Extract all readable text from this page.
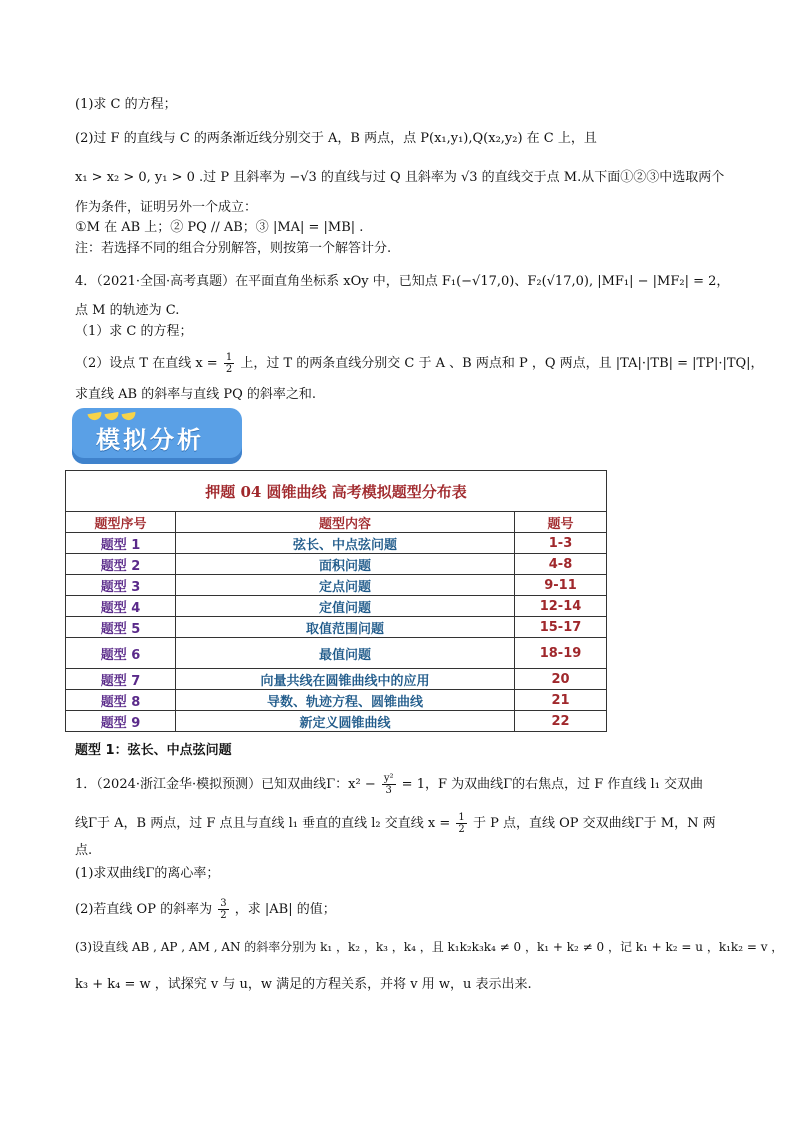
(1)求 C 的方程；
(2)过 F 的直线与 C 的两条渐近线分别交于 A，B 两点，点 P(x₁,y₁),Q(x₂,y₂) 在 C 上，且
x₁ > x₂ > 0, y₁ > 0 .过 P 且斜率为 −√3 的直线与过 Q 且斜率为 √3 的直线交于点 M.从下面①②③中选取两个
作为条件，证明另外一个成立：
①M 在 AB 上；② PQ // AB；③ |MA| = |MB| .
注：若选择不同的组合分别解答，则按第一个解答计分.
4．（2021·全国·高考真题）在平面直角坐标系 xOy 中，已知点 F₁(−√17,0)、F₂(√17,0), |MF₁| − |MF₂| = 2，
点 M 的轨迹为 C.
（1）求 C 的方程；
（2）设点 T 在直线 $x = \frac{1}{2}$ 上，过 T 的两条直线分别交 C 于 A 、B 两点和 P ，Q 两点，且 |TA|·|TB| = |TP|·|TQ|，
求直线 AB 的斜率与直线 PQ 的斜率之和.
模拟分析
押题 04 圆锥曲线 高考模拟题型分布表		
题型序号	题型内容	题号
题型 1	弦长、中点弦问题	1-3
题型 2	面积问题	4-8
题型 3	定点问题	9-11
题型 4	定值问题	12-14
题型 5	取值范围问题	15-17
题型 6	最值问题	18-19
题型 7	向量共线在圆锥曲线中的应用	20
题型 8	导数、轨迹方程、圆锥曲线	21
题型 9	新定义圆锥曲线	22
题型 1：弦长、中点弦问题
1．（2024·浙江金华·模拟预测）已知双曲线Γ：$x^2 - \frac{\text{y²}}{3} = 1$，F 为双曲线Γ的右焦点，过 F 作直线 l₁ 交双曲
线Γ于 A，B 两点，过 F 点且与直线 l₁ 垂直的直线 l₂ 交直线 $x = \frac{1}{2}$ 于 P 点，直线 OP 交双曲线Γ于 M，N 两
点.
(1)求双曲线Γ的离心率；
(2)若直线 OP 的斜率为 $\frac{3}{2}$ ，求 |AB| 的值；
(3)设直线 AB , AP , AM , AN 的斜率分别为 k₁ ，k₂ ，k₃ ，k₄ ，且 k₁k₂k₃k₄ ≠ 0 ，k₁ + k₂ ≠ 0 ，记 k₁ + k₂ = u ，k₁k₂ = v ，
k₃ + k₄ = w ，试探究 v 与 u，w 满足的方程关系，并将 v 用 w，u 表示出来.
